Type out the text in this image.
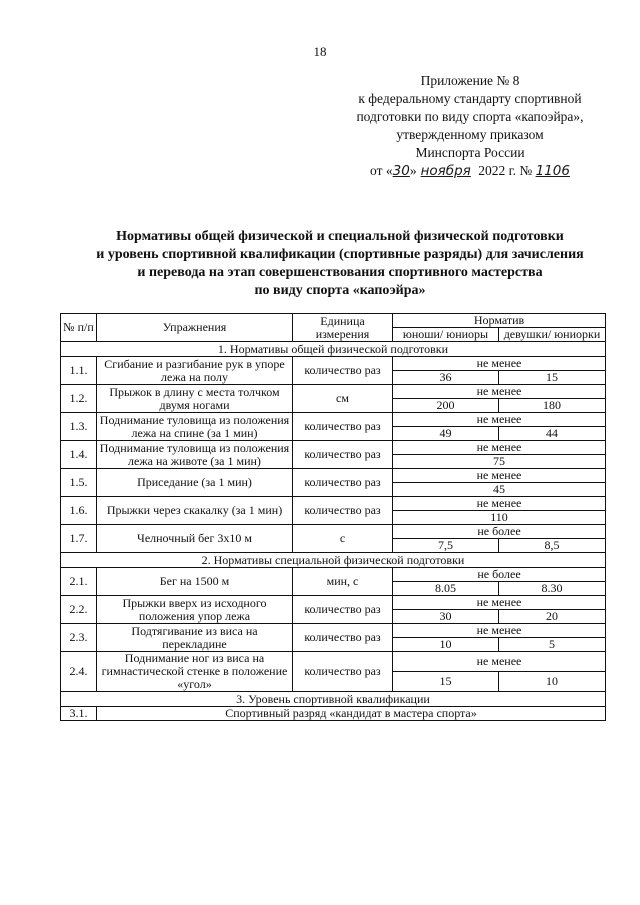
18
Приложение № 8
к федеральному стандарту спортивной
подготовки по виду спорта «капоэйра»,
утвержденному приказом
Минспорта России
от «30» ноября 2022 г. № 1106
Нормативы общей физической и специальной физической подготовки
и уровень спортивной квалификации (спортивные разряды) для зачисления
и перевода на этап совершенствования спортивного мастерства
по виду спорта «капоэйра»
№ п/п	Упражнения	Единица измерения	Норматив	
			юноши/ юниоры	девушки/ юниорки
1. Нормативы общей физической подготовки				
1.1.	Сгибание и разгибание рук в упоре лежа на полу	количество раз	не менее	
			36	15
1.2.	Прыжок в длину с места толчком двумя ногами	см	не менее	
			200	180
1.3.	Поднимание туловища из положения лежа на спине (за 1 мин)	количество раз	не менее	
			49	44
1.4.	Поднимание туловища из положения лежа на животе (за 1 мин)	количество раз	не менее	
			75	
1.5.	Приседание (за 1 мин)	количество раз	не менее	
			45	
1.6.	Прыжки через скакалку (за 1 мин)	количество раз	не менее	
			110	
1.7.	Челночный бег 3x10 м	с	не более	
			7,5	8,5
2. Нормативы специальной физической подготовки				
2.1.	Бег на 1500 м	мин, с	не более	
			8.05	8.30
2.2.	Прыжки вверх из исходного положения упор лежа	количество раз	не менее	
			30	20
2.3.	Подтягивание из виса на перекладине	количество раз	не менее	
			10	5
2.4.	Поднимание ног из виса на гимнастической стенке в положение «угол»	количество раз	не менее	
			15	10
3. Уровень спортивной квалификации				
3.1.	Спортивный разряд «кандидат в мастера спорта»			
